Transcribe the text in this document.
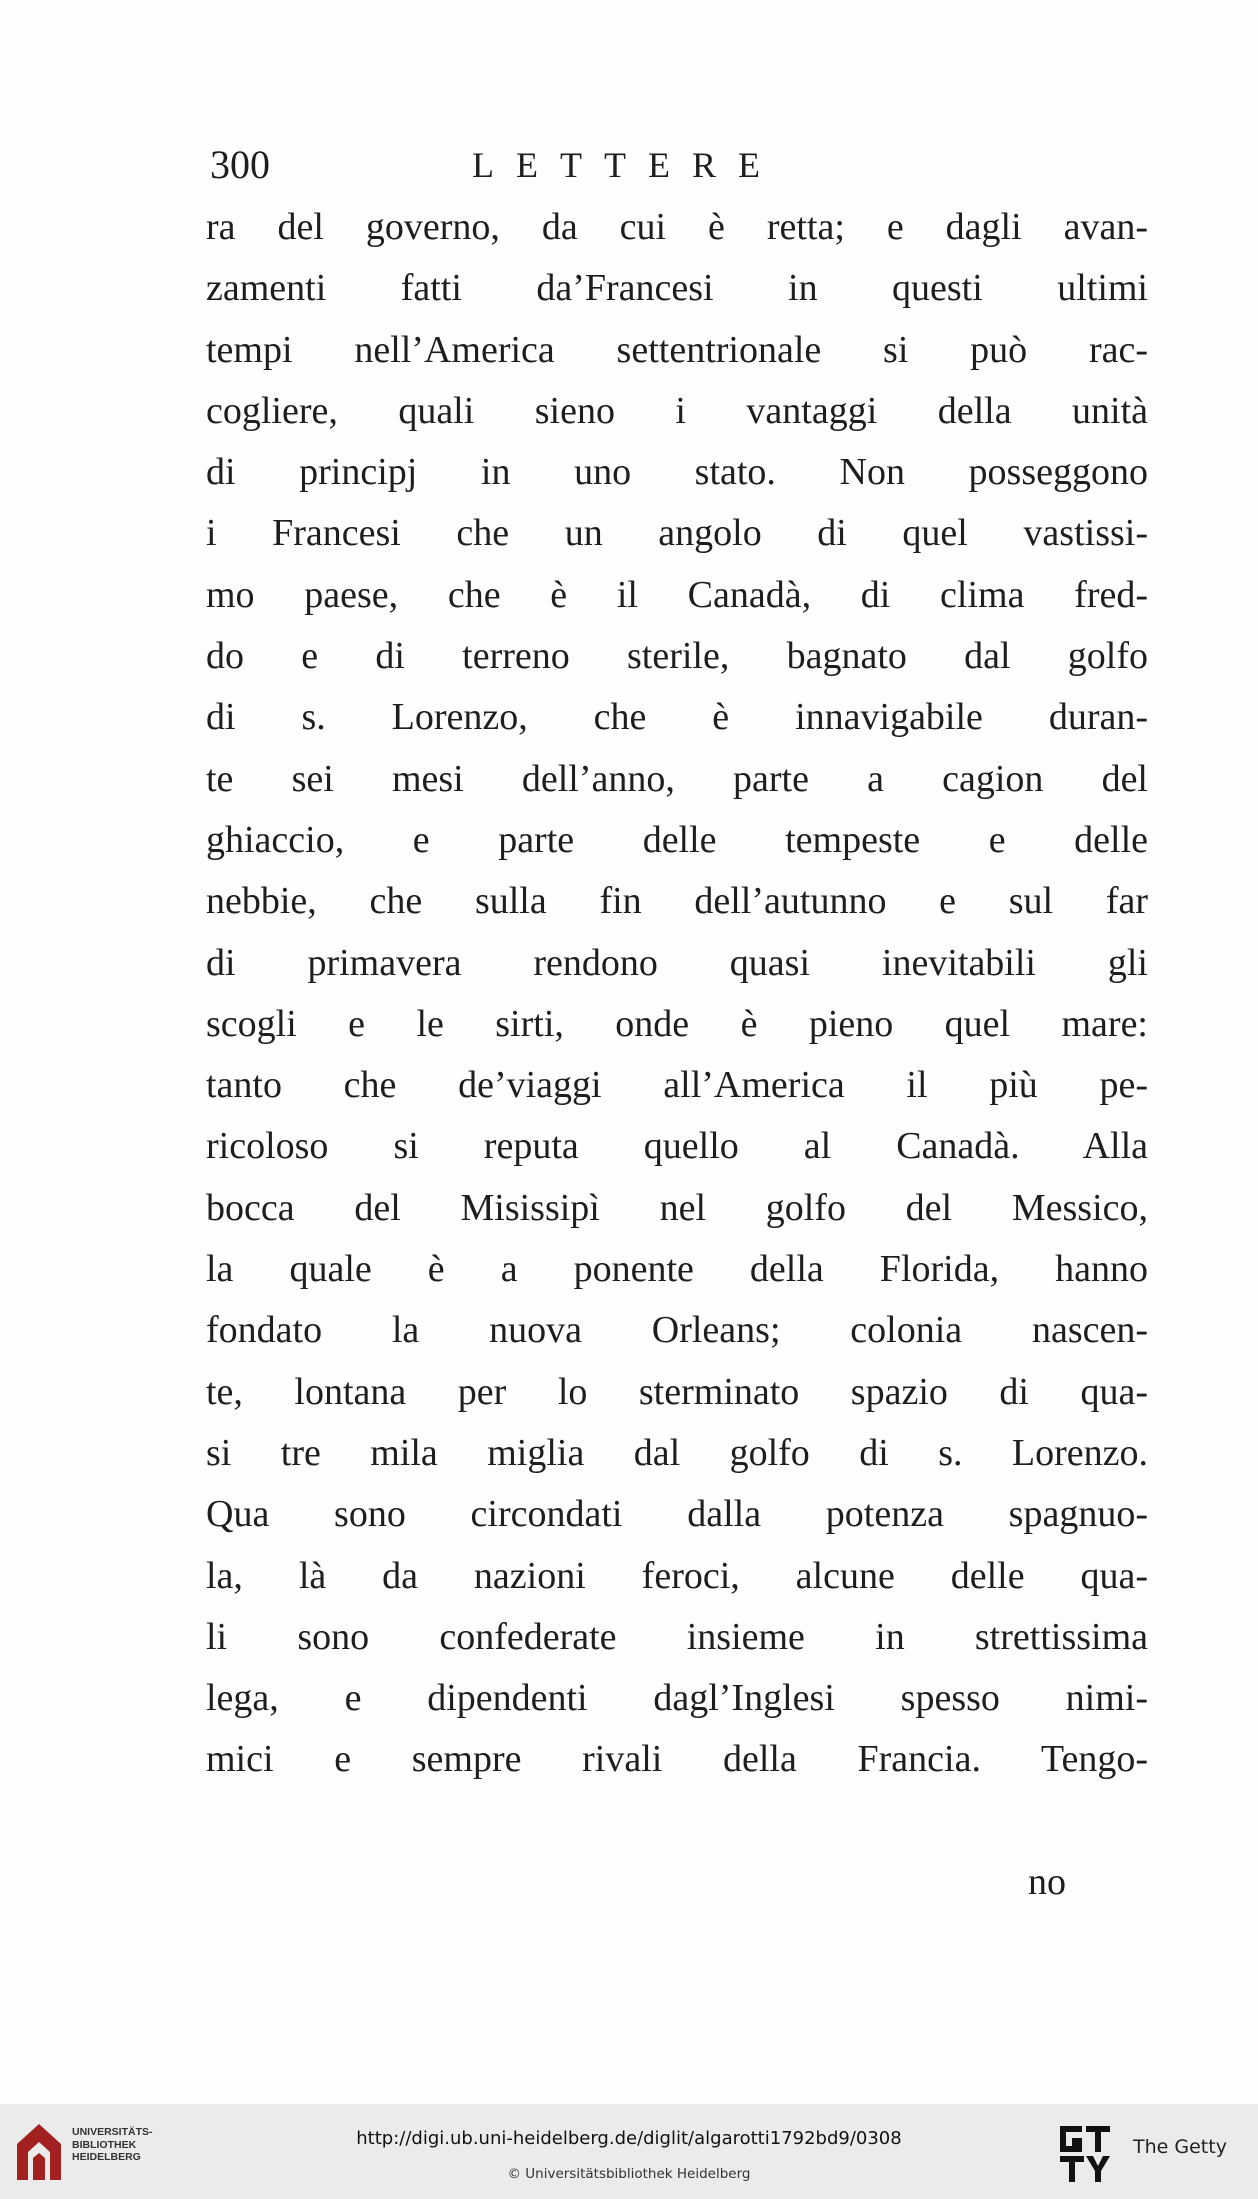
300	LETTERE
ra del governo, da cui è retta; e dagli avan-
zamenti fatti da’Francesi in questi ultimi
tempi nell’America settentrionale si può rac-
cogliere, quali sieno i vantaggi della unità
di principj in uno stato. Non posseggono
i Francesi che un angolo di quel vastissi-
mo paese, che è il Canadà, di clima fred-
do e di terreno sterile, bagnato dal golfo
di s. Lorenzo, che è innavigabile duran-
te sei mesi dell’anno, parte a cagion del
ghiaccio, e parte delle tempeste e delle
nebbie, che sulla fin dell’autunno e sul far
di primavera rendono quasi inevitabili gli
scogli e le sirti, onde è pieno quel mare:
tanto che de’viaggi all’America il più pe-
ricoloso si reputa quello al Canadà. Alla
bocca del Misissipì nel golfo del Messico,
la quale è a ponente della Florida, hanno
fondato la nuova Orleans; colonia nascen-
te, lontana per lo sterminato spazio di qua-
si tre mila miglia dal golfo di s. Lorenzo.
Qua sono circondati dalla potenza spagnuo-
la, là da nazioni feroci, alcune delle qua-
li sono confederate insieme in strettissima
lega, e dipendenti dagl’Inglesi spesso nimi-
mici e sempre rivali della Francia. Tengo-
no
UNIVERSITÄTS-
BIBLIOTHEK
HEIDELBERG
http://digi.ub.uni-heidelberg.de/diglit/algarotti1792bd9/0308
© Universitätsbibliothek Heidelberg
The Getty
